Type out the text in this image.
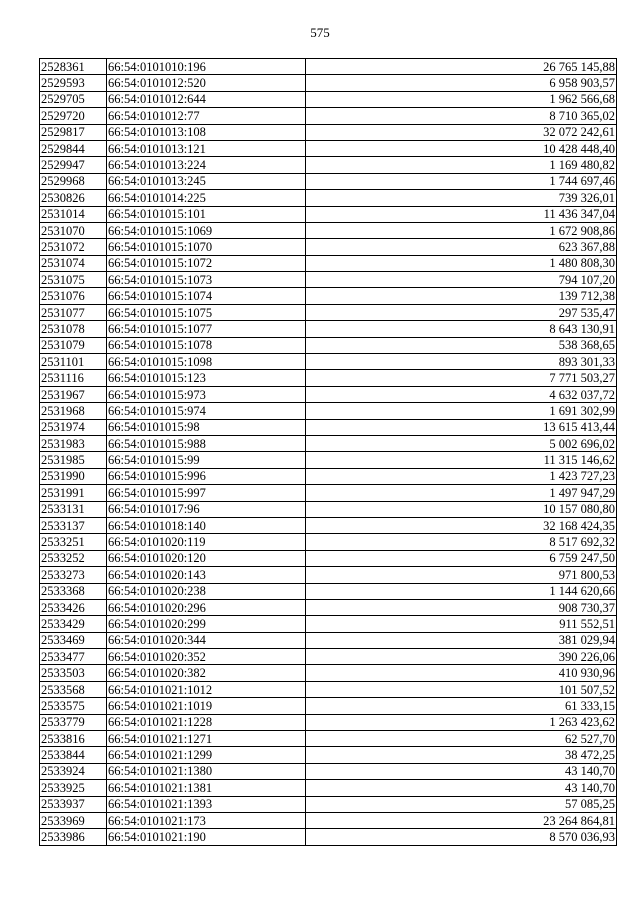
575
2528361	66:54:0101010:196	26 765 145,88
2529593	66:54:0101012:520	6 958 903,57
2529705	66:54:0101012:644	1 962 566,68
2529720	66:54:0101012:77	8 710 365,02
2529817	66:54:0101013:108	32 072 242,61
2529844	66:54:0101013:121	10 428 448,40
2529947	66:54:0101013:224	1 169 480,82
2529968	66:54:0101013:245	1 744 697,46
2530826	66:54:0101014:225	739 326,01
2531014	66:54:0101015:101	11 436 347,04
2531070	66:54:0101015:1069	1 672 908,86
2531072	66:54:0101015:1070	623 367,88
2531074	66:54:0101015:1072	1 480 808,30
2531075	66:54:0101015:1073	794 107,20
2531076	66:54:0101015:1074	139 712,38
2531077	66:54:0101015:1075	297 535,47
2531078	66:54:0101015:1077	8 643 130,91
2531079	66:54:0101015:1078	538 368,65
2531101	66:54:0101015:1098	893 301,33
2531116	66:54:0101015:123	7 771 503,27
2531967	66:54:0101015:973	4 632 037,72
2531968	66:54:0101015:974	1 691 302,99
2531974	66:54:0101015:98	13 615 413,44
2531983	66:54:0101015:988	5 002 696,02
2531985	66:54:0101015:99	11 315 146,62
2531990	66:54:0101015:996	1 423 727,23
2531991	66:54:0101015:997	1 497 947,29
2533131	66:54:0101017:96	10 157 080,80
2533137	66:54:0101018:140	32 168 424,35
2533251	66:54:0101020:119	8 517 692,32
2533252	66:54:0101020:120	6 759 247,50
2533273	66:54:0101020:143	971 800,53
2533368	66:54:0101020:238	1 144 620,66
2533426	66:54:0101020:296	908 730,37
2533429	66:54:0101020:299	911 552,51
2533469	66:54:0101020:344	381 029,94
2533477	66:54:0101020:352	390 226,06
2533503	66:54:0101020:382	410 930,96
2533568	66:54:0101021:1012	101 507,52
2533575	66:54:0101021:1019	61 333,15
2533779	66:54:0101021:1228	1 263 423,62
2533816	66:54:0101021:1271	62 527,70
2533844	66:54:0101021:1299	38 472,25
2533924	66:54:0101021:1380	43 140,70
2533925	66:54:0101021:1381	43 140,70
2533937	66:54:0101021:1393	57 085,25
2533969	66:54:0101021:173	23 264 864,81
2533986	66:54:0101021:190	8 570 036,93
